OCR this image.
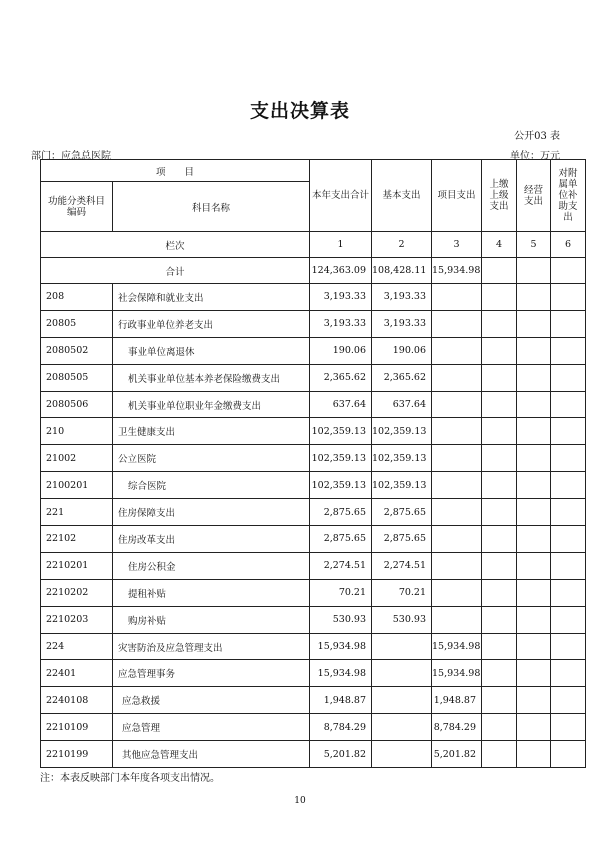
支出决算表
公开03 表
部门：应急总医院	单位：万元
项　　目		本年支出合计	基本支出	项目支出	上缴上级支出	经营支出	对附属单位补助支出
功能分类科目编码	科目名称						
栏次		1	2	3	4	5	6
合计		124,363.09	108,428.11	15,934.98			
208	社会保障和就业支出	3,193.33	3,193.33				
20805	行政事业单位养老支出	3,193.33	3,193.33				
2080502	事业单位离退休	190.06	190.06				
2080505	机关事业单位基本养老保险缴费支出	2,365.62	2,365.62				
2080506	机关事业单位职业年金缴费支出	637.64	637.64				
210	卫生健康支出	102,359.13	102,359.13				
21002	公立医院	102,359.13	102,359.13				
2100201	综合医院	102,359.13	102,359.13				
221	住房保障支出	2,875.65	2,875.65				
22102	住房改革支出	2,875.65	2,875.65				
2210201	住房公积金	2,274.51	2,274.51				
2210202	提租补贴	70.21	70.21				
2210203	购房补贴	530.93	530.93				
224	灾害防治及应急管理支出	15,934.98		15,934.98			
22401	应急管理事务	15,934.98		15,934.98			
2240108	应急救援	1,948.87		1,948.87			
2210109	应急管理	8,784.29		8,784.29			
2210199	其他应急管理支出	5,201.82		5,201.82			
注：本表反映部门本年度各项支出情况。
10
